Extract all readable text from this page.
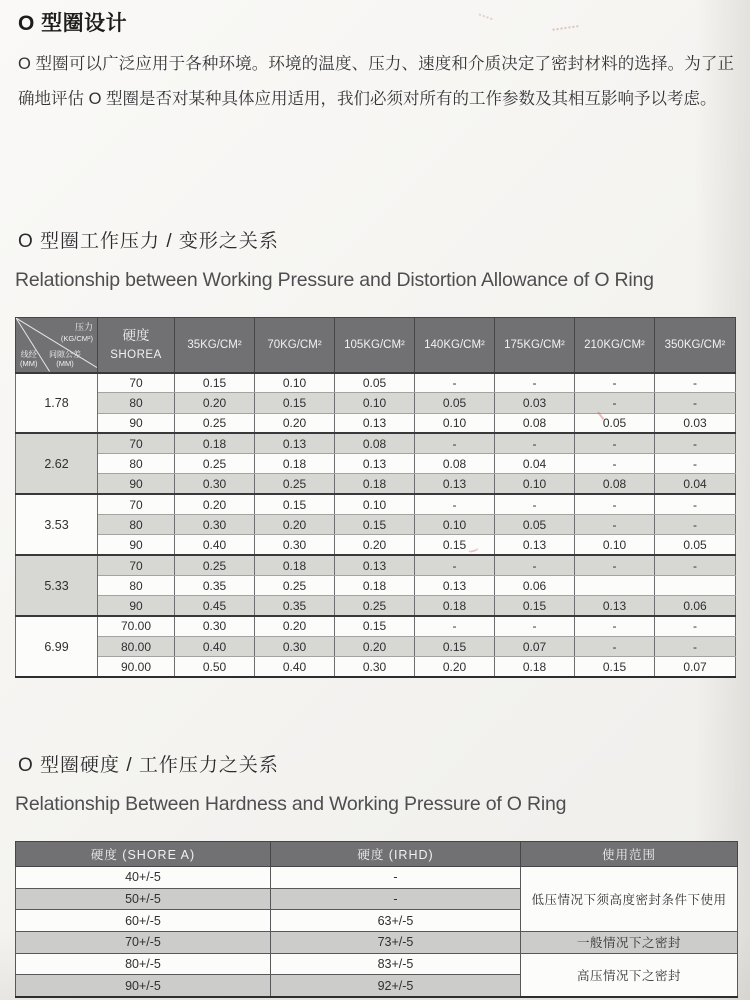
O 型圈设计

O 型圈可以广泛应用于各种环境。环境的温度、压力、速度和介质决定了密封材料的选择。为了正确地评估 O 型圈是否对某种具体应用适用，我们必须对所有的工作参数及其相互影响予以考虑。

O 型圈工作压力 / 变形之关系
Relationship between Working Pressure and Distortion Allowance of O Ring
压力
(KG/CM²)
线经
(MM)
间隙公差
(MM)
	硬度
SHOREA	35KG/CM²	70KG/CM²	105KG/CM²	140KG/CM²	175KG/CM²	210KG/CM²	350KG/CM²
1.78	70	0.15	0.10	0.05	-	-	-	-
	80	0.20	0.15	0.10	0.05	0.03	-	-
	90	0.25	0.20	0.13	0.10	0.08	0.05	0.03
2.62	70	0.18	0.13	0.08	-	-	-	-
	80	0.25	0.18	0.13	0.08	0.04	-	-
	90	0.30	0.25	0.18	0.13	0.10	0.08	0.04
3.53	70	0.20	0.15	0.10	-	-	-	-
	80	0.30	0.20	0.15	0.10	0.05	-	-
	90	0.40	0.30	0.20	0.15	0.13	0.10	0.05
5.33	70	0.25	0.18	0.13	-	-	-	-
	80	0.35	0.25	0.18	0.13	0.06		
	90	0.45	0.35	0.25	0.18	0.15	0.13	0.06
6.99	70.00	0.30	0.20	0.15	-	-	-	-
	80.00	0.40	0.30	0.20	0.15	0.07	-	-
	90.00	0.50	0.40	0.30	0.20	0.18	0.15	0.07
O 型圈硬度 / 工作压力之关系
Relationship Between Hardness and Working Pressure of O Ring
硬度 (SHORE A)	硬度 (IRHD)	使用范围
40+/-5	-	低压情况下须高度密封条件下使用
50+/-5	-	
60+/-5	63+/-5	
70+/-5	73+/-5	一般情况下之密封
80+/-5	83+/-5	高压情况下之密封
90+/-5	92+/-5	
